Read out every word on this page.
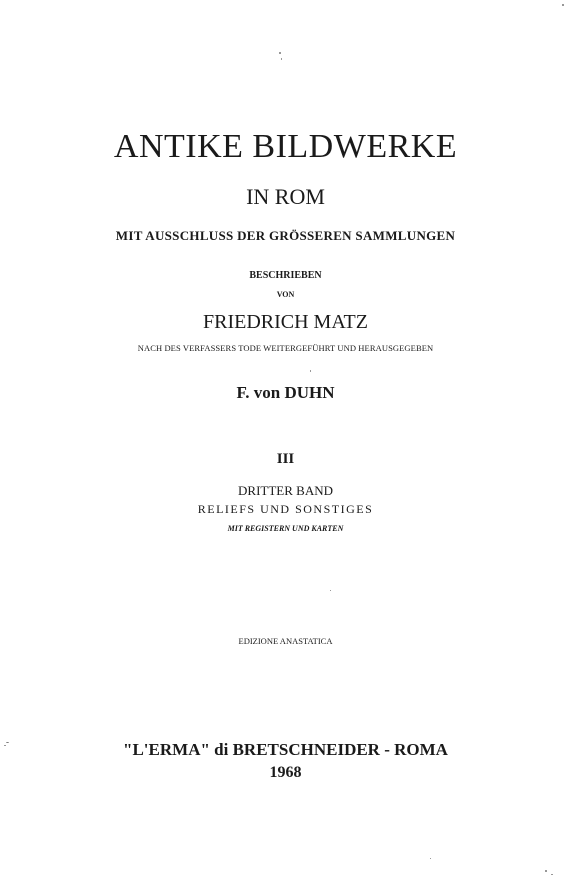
ANTIKE BILDWERKE
IN ROM
MIT AUSSCHLUSS DER GRÖSSEREN SAMMLUNGEN
BESCHRIEBEN
VON
FRIEDRICH MATZ
NACH DES VERFASSERS TODE WEITERGEFÜHRT UND HERAUSGEGEBEN
F. von DUHN
III
DRITTER BAND
RELIEFS UND SONSTIGES
MIT REGISTERN UND KARTEN
EDIZIONE ANASTATICA
"L'ERMA" di BRETSCHNEIDER - ROMA
1968
